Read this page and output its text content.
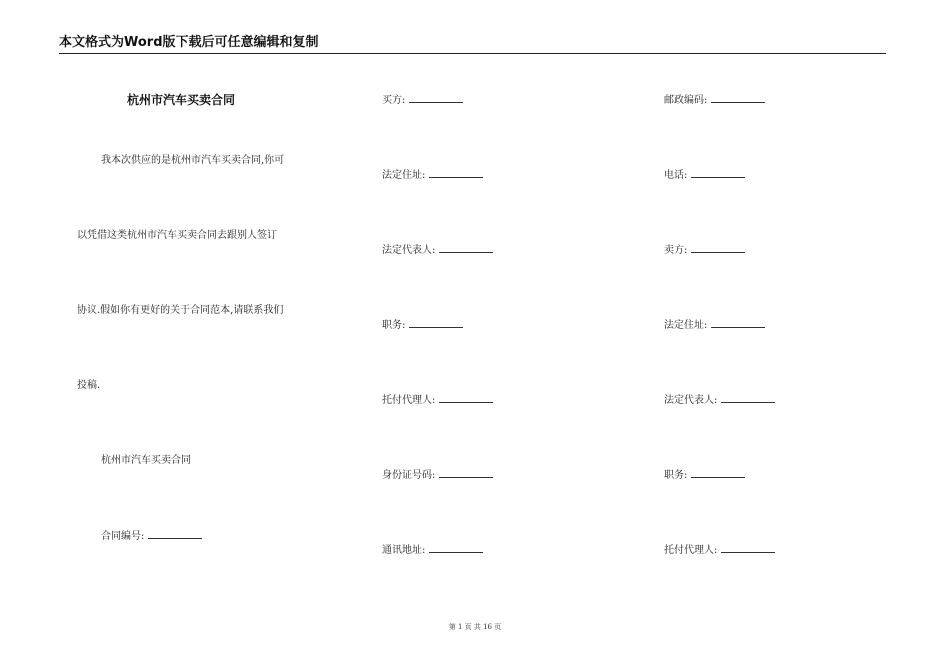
本文格式为Word版下载后可任意编辑和复制
杭州市汽车买卖合同
我本次供应的是杭州市汽车买卖合同,你可
以凭借这类杭州市汽车买卖合同去跟别人签订
协议.假如你有更好的关于合同范本,请联系我们
投稿.
杭州市汽车买卖合同
合同编号:
买方:
法定住址:
法定代表人:
职务:
托付代理人:
身份证号码:
通讯地址:
邮政编码:
电话:
卖方:
法定住址:
法定代表人:
职务:
托付代理人:
第 1 页 共 16 页
